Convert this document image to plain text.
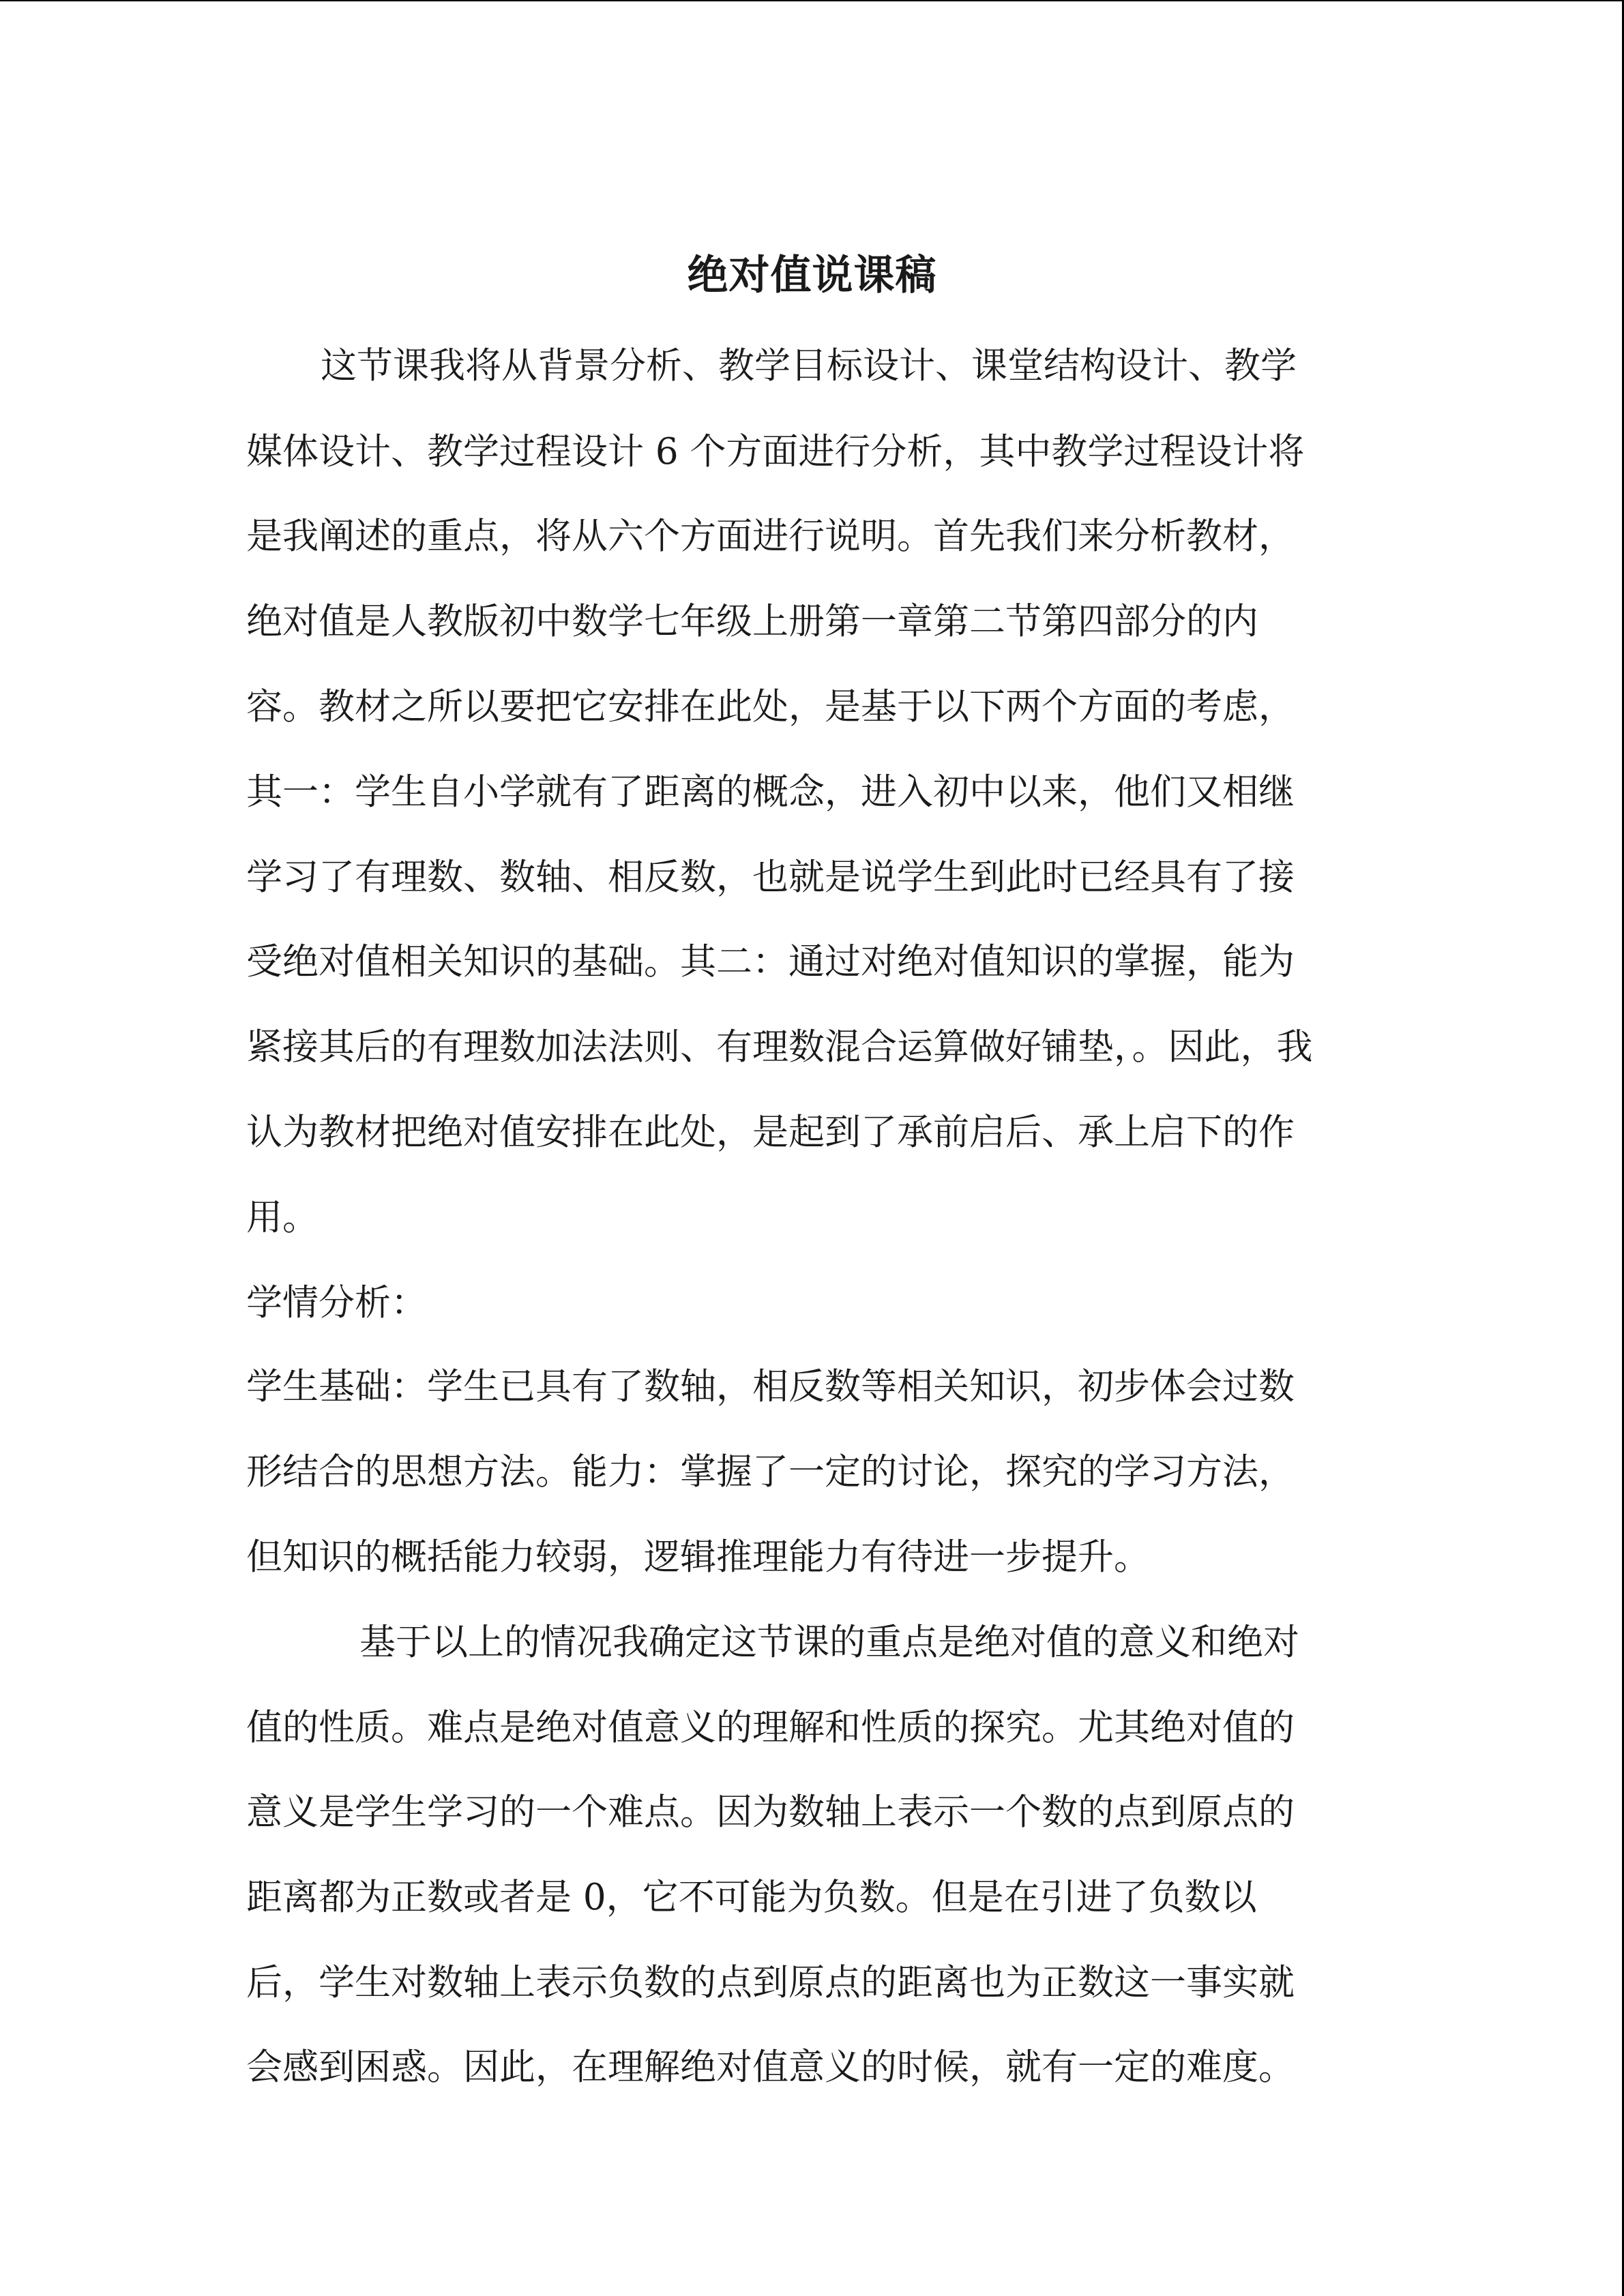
绝对值说课稿

这节课我将从背景分析、教学目标设计、课堂结构设计、教学

媒体设计、教学过程设计 6 个方面进行分析，其中教学过程设计将

是我阐述的重点，将从六个方面进行说明。首先我们来分析教材，

绝对值是人教版初中数学七年级上册第一章第二节第四部分的内

容。教材之所以要把它安排在此处，是基于以下两个方面的考虑，

其一：学生自小学就有了距离的概念，进入初中以来，他们又相继

学习了有理数、数轴、相反数，也就是说学生到此时已经具有了接

受绝对值相关知识的基础。其二：通过对绝对值知识的掌握，能为

紧接其后的有理数加法法则、有理数混合运算做好铺垫，。因此，我

认为教材把绝对值安排在此处，是起到了承前启后、承上启下的作

用。

学情分析：

学生基础：学生已具有了数轴，相反数等相关知识，初步体会过数

形结合的思想方法。能力：掌握了一定的讨论，探究的学习方法，

但知识的概括能力较弱，逻辑推理能力有待进一步提升。

基于以上的情况我确定这节课的重点是绝对值的意义和绝对

值的性质。难点是绝对值意义的理解和性质的探究。尤其绝对值的

意义是学生学习的一个难点。因为数轴上表示一个数的点到原点的

距离都为正数或者是 0，它不可能为负数。但是在引进了负数以

后，学生对数轴上表示负数的点到原点的距离也为正数这一事实就

会感到困惑。因此，在理解绝对值意义的时候，就有一定的难度。
